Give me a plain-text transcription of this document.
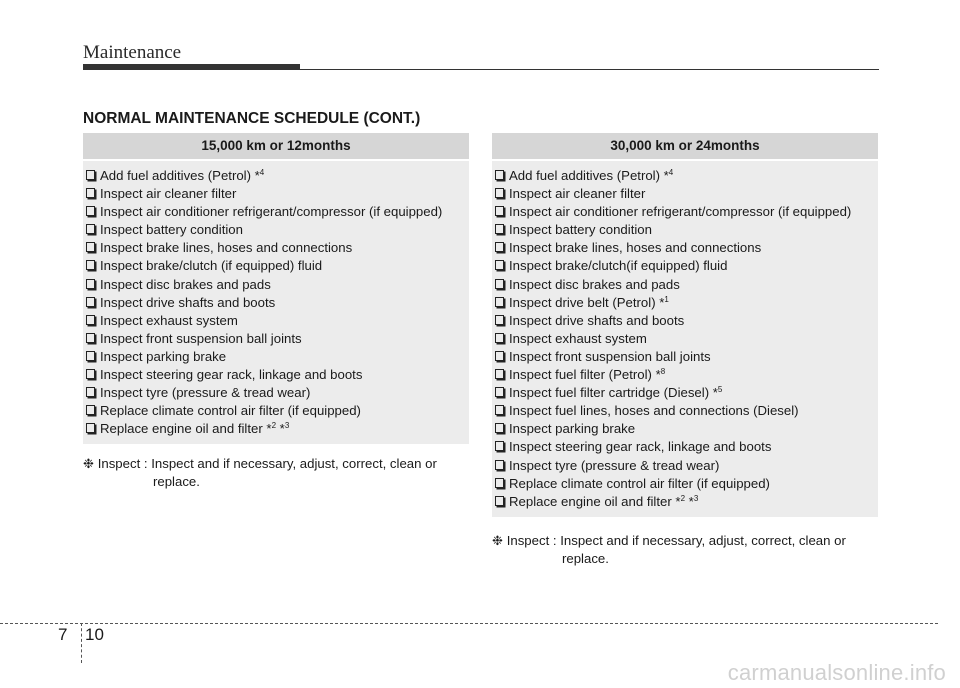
Maintenance
NORMAL MAINTENANCE SCHEDULE (CONT.)
15,000 km or 12months
Add fuel additives (Petrol) *$^4$
Inspect air cleaner filter
Inspect air conditioner refrigerant/compressor (if equipped)
Inspect battery condition
Inspect brake lines, hoses and connections
Inspect brake/clutch (if equipped) fluid
Inspect disc brakes and pads
Inspect drive shafts and boots
Inspect exhaust system
Inspect front suspension ball joints
Inspect parking brake
Inspect steering gear rack, linkage and boots
Inspect tyre (pressure & tread wear)
Replace climate control air filter (if equipped)
Replace engine oil and filter *$^2$ *$^3$
❉ Inspect : Inspect and if necessary, adjust, correct, clean or
replace.
30,000 km or 24months
Add fuel additives (Petrol) *$^4$
Inspect air cleaner filter
Inspect air conditioner refrigerant/compressor (if equipped)
Inspect battery condition
Inspect brake lines, hoses and connections
Inspect brake/clutch(if equipped) fluid
Inspect disc brakes and pads
Inspect drive belt (Petrol) *$^1$
Inspect drive shafts and boots
Inspect exhaust system
Inspect front suspension ball joints
Inspect fuel filter (Petrol) *$^8$
Inspect fuel filter cartridge (Diesel) *$^5$
Inspect fuel lines, hoses and connections (Diesel)
Inspect parking brake
Inspect steering gear rack, linkage and boots
Inspect tyre (pressure & tread wear)
Replace climate control air filter (if equipped)
Replace engine oil and filter *$^2$ *$^3$
❉ Inspect : Inspect and if necessary, adjust, correct, clean or
replace.
7 10
carmanualsonline.info
